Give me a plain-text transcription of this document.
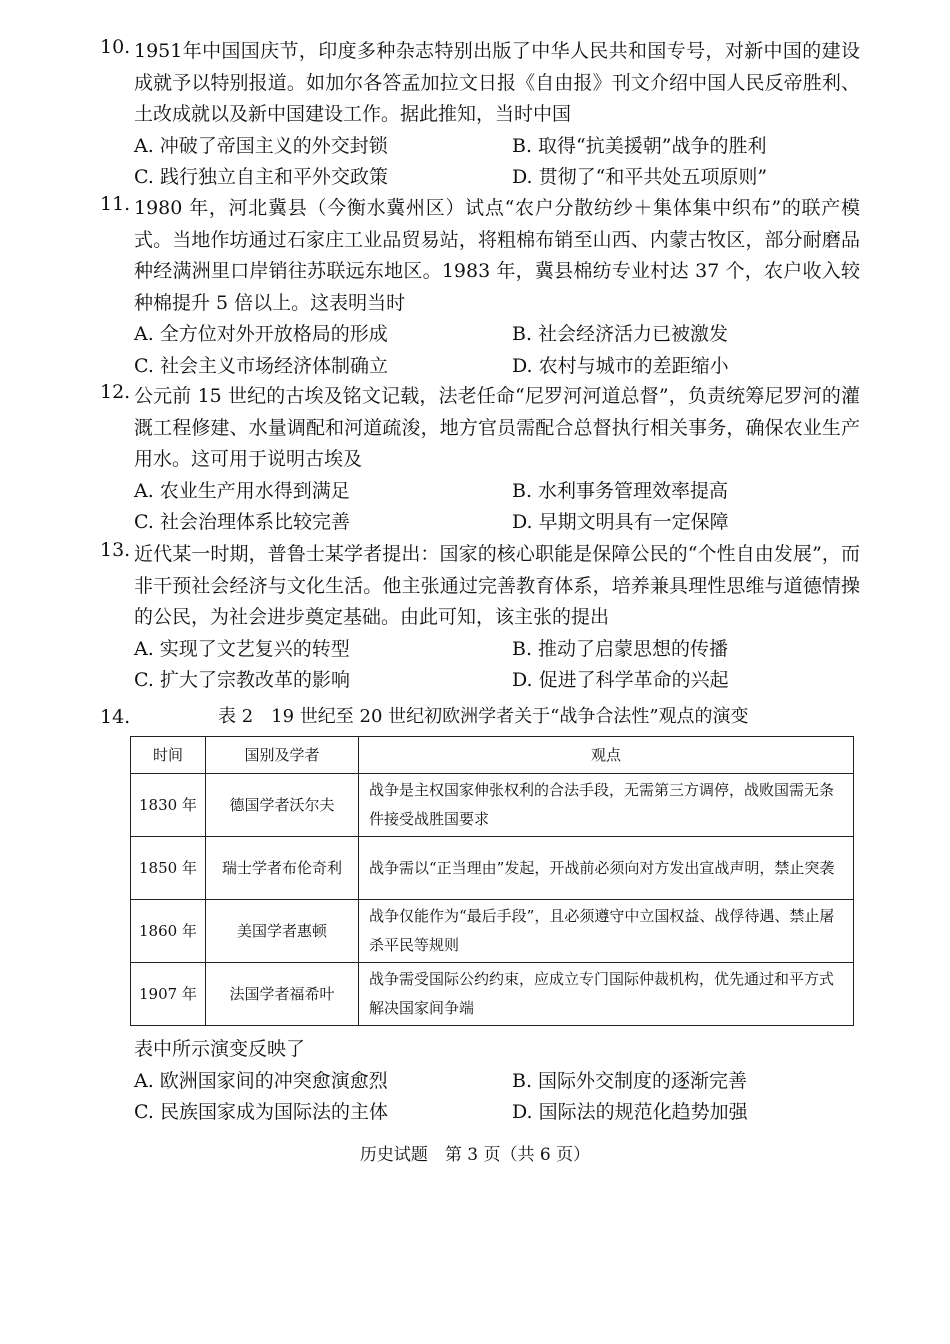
10. 1951年中国国庆节，印度多种杂志特别出版了中华人民共和国专号，对新中国的建设成就予以特别报道。如加尔各答孟加拉文日报《自由报》刊文介绍中国人民反帝胜利、土改成就以及新中国建设工作。据此推知，当时中国
A. 冲破了帝国主义的外交封锁	B. 取得“抗美援朝”战争的胜利
C. 践行独立自主和平外交政策	D. 贯彻了“和平共处五项原则”
11. 1980 年，河北冀县（今衡水冀州区）试点“农户分散纺纱＋集体集中织布”的联产模式。当地作坊通过石家庄工业品贸易站，将粗棉布销至山西、内蒙古牧区，部分耐磨品种经满洲里口岸销往苏联远东地区。1983 年，冀县棉纺专业村达 37 个，农户收入较种棉提升 5 倍以上。这表明当时
A. 全方位对外开放格局的形成	B. 社会经济活力已被激发
C. 社会主义市场经济体制确立	D. 农村与城市的差距缩小
12. 公元前 15 世纪的古埃及铭文记载，法老任命“尼罗河河道总督”，负责统筹尼罗河的灌溉工程修建、水量调配和河道疏浚，地方官员需配合总督执行相关事务，确保农业生产用水。这可用于说明古埃及
A. 农业生产用水得到满足	B. 水利事务管理效率提高
C. 社会治理体系比较完善	D. 早期文明具有一定保障
13. 近代某一时期，普鲁士某学者提出：国家的核心职能是保障公民的“个性自由发展”，而非干预社会经济与文化生活。他主张通过完善教育体系，培养兼具理性思维与道德情操的公民，为社会进步奠定基础。由此可知，该主张的提出
A. 实现了文艺复兴的转型	B. 推动了启蒙思想的传播
C. 扩大了宗教改革的影响	D. 促进了科学革命的兴起
14.	表 2　19 世纪至 20 世纪初欧洲学者关于“战争合法性”观点的演变
时间	国别及学者	观点
1830 年	德国学者沃尔夫	战争是主权国家伸张权利的合法手段，无需第三方调停，战败国需无条件接受战胜国要求
1850 年	瑞士学者布伦奇利	战争需以“正当理由”发起，开战前必须向对方发出宣战声明，禁止突袭
1860 年	美国学者惠顿	战争仅能作为“最后手段”，且必须遵守中立国权益、战俘待遇、禁止屠杀平民等规则
1907 年	法国学者福希叶	战争需受国际公约约束，应成立专门国际仲裁机构，优先通过和平方式解决国家间争端
表中所示演变反映了
A. 欧洲国家间的冲突愈演愈烈	B. 国际外交制度的逐渐完善
C. 民族国家成为国际法的主体	D. 国际法的规范化趋势加强
历史试题　第 3 页（共 6 页）
